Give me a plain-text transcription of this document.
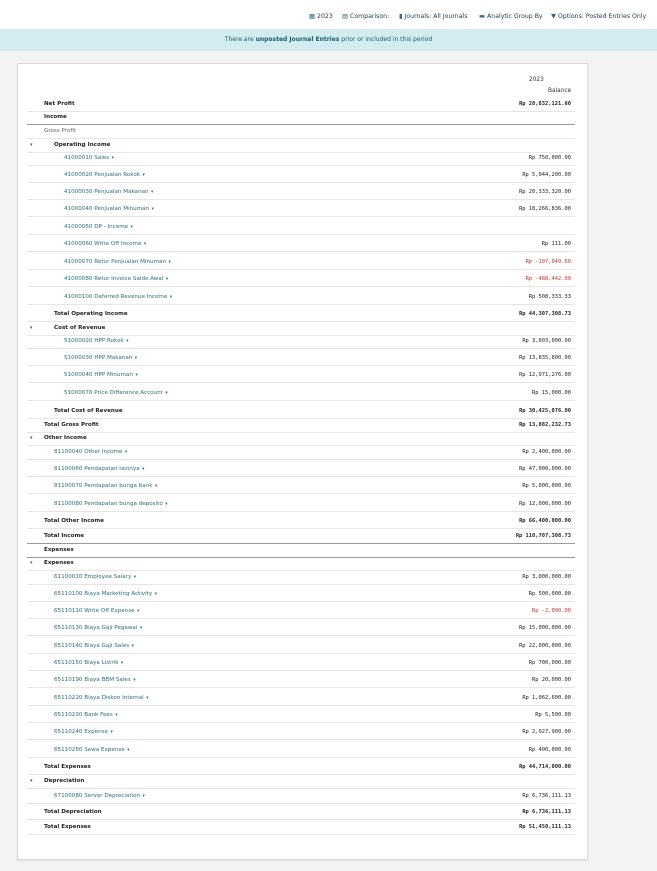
▦ 2023 ▤ Comparison: ▮ Journals: All Journals ▬ Analytic Group By ▼ Options: Posted Entries Only
There are unposted Journal Entries prior or included in this period
2023
Balance
Net Profit	Rp 28,832,121.60
Income
Gross Profit
▾	Operating Income
41000010 Sales ▾	Rp 750,000.00
41000020 Penjualan Rokok ▾	Rp 5,044,200.00
41000030 Penjualan Makanan ▾	Rp 20,333,320.00
41000040 Penjualan Minuman ▾	Rp 18,266,836.00
41000050 DP - Income ▾
41000060 Write Off Income ▾	Rp 111.00
41000070 Retur Penjualan Minuman ▾	Rp -107,049.60
41000080 Retur Invoice Saldo Awal ▾	Rp -488,442.00
41000100 Deferred Revenue Income ▾	Rp 508,333.33
Total Operating Income	Rp 44,307,308.73
▾	Cost of Revenue
51000020 HPP Rokok ▾	Rp 3,603,000.00
51000030 HPP Makanan ▾	Rp 13,835,800.00
51000040 HPP Minuman ▾	Rp 12,971,276.00
51000070 Price Difference Account ▾	Rp 15,000.00
Total Cost of Revenue	Rp 30,425,076.00
Total Gross Profit	Rp 13,882,232.73
▾ Other Income
81100040 Other Income ▾	Rp 2,400,000.00
81100060 Pendapatan lainnya ▾	Rp 47,000,000.00
81100070 Pendapatan bunga bank ▾	Rp 5,000,000.00
81100080 Pendapatan bunga deposito ▾	Rp 12,000,000.00
Total Other Income	Rp 66,400,000.00
Total Income	Rp 110,707,308.73
Expenses
▾ Expenses
61100010 Employee Salary ▾	Rp 3,000,000.00
65110100 Biaya Marketing Activity ▾	Rp 500,000.00
65110110 Write Off Expense ▾	Rp -2,000.00
65110130 Biaya Gaji Pegawai ▾	Rp 15,000,000.00
65110140 Biaya Gaji Sales ▾	Rp 22,000,000.00
65110150 Biaya Listrik ▾	Rp 700,000.00
65110190 Biaya BBM Sales ▾	Rp 20,000.00
65110220 Biaya Diskon Internal ▾	Rp 1,062,600.00
65110230 Bank Fees ▾	Rp 5,500.00
65110240 Expense ▾	Rp 2,027,900.00
65110250 Sewa Expense ▾	Rp 400,000.00
Total Expenses	Rp 44,714,000.00
▾ Depreciation
67100080 Server Depreciation ▾	Rp 6,736,111.13
Total Depreciation	Rp 6,736,111.13
Total Expenses	Rp 51,450,111.13
